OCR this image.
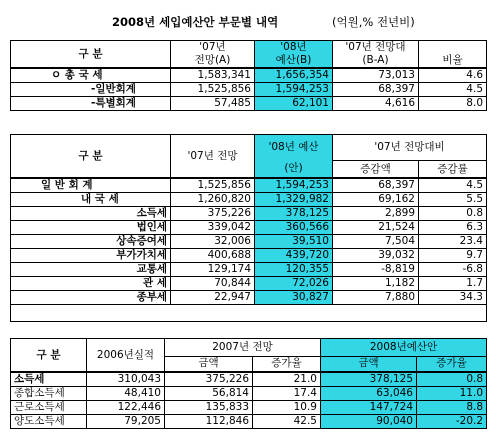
2008년 세입예산안 부문별 내역	(억원,% 전년비)
구 분	'07년	'08년	'07년 전망대	
	전망(A)	예산(B)	(B-A)	비율
ㅇ 총 국 세	1,583,341	1,656,354	73,013	4.6
-일반회계	1,525,856	1,594,253	68,397	4.5
-특별회계	57,485	62,101	4,616	8.0
구 분	'07년 전망	'08년 예산	'07년 전망대비	
		(안)	증감액	증감률
일 반 회 계	1,525,856	1,594,253	68,397	4.5
내 국 세	1,260,820	1,329,982	69,162	5.5
소득세	375,226	378,125	2,899	0.8
법인세	339,042	360,566	21,524	6.3
상속증여세	32,006	39,510	7,504	23.4
부가가치세	400,688	439,720	39,032	9.7
교통세	129,174	120,355	-8,819	-6.8
관 세	70,844	72,026	1,182	1.7
종부세	22,947	30,827	7,880	34.3

구 분	2006년실적	2007년 전망		2008년예산안	
		금액	증가율	금액	증가율
소득세	310,043	375,226	21.0	378,125	0.8
종합소득세	48,410	56,814	17.4	63,046	11.0
근로소득세	122,446	135,833	10.9	147,724	8.8
양도소득세	79,205	112,846	42.5	90,040	-20.2
